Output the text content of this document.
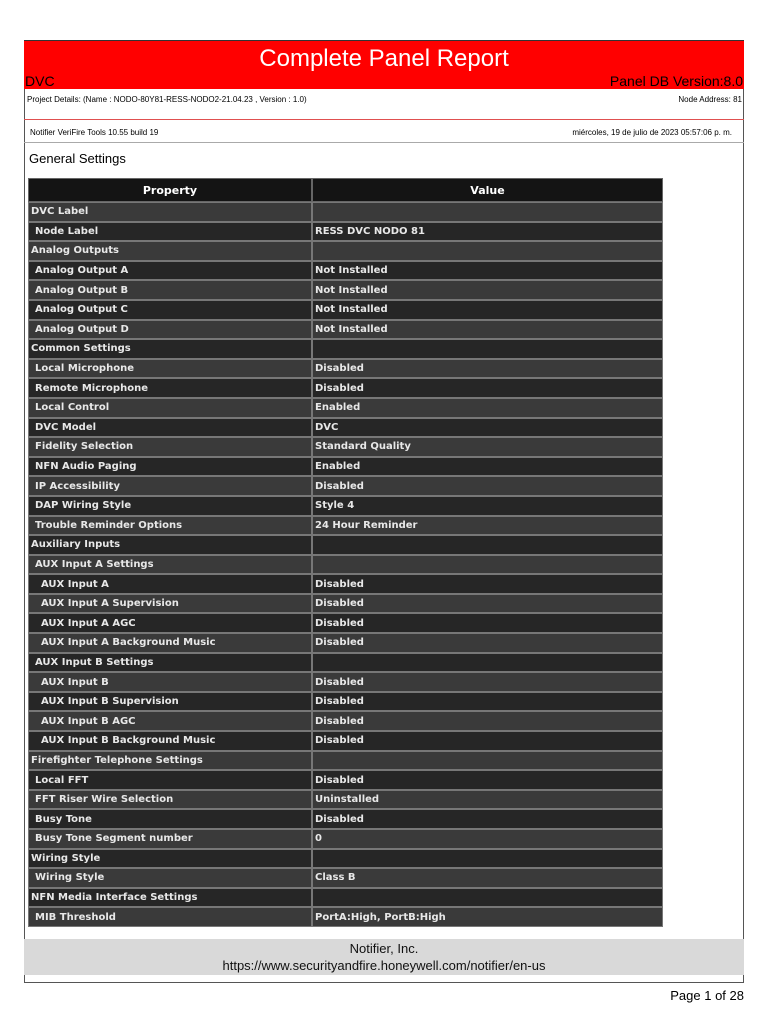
Complete Panel Report
DVC	Panel DB Version:8.0
Project Details: (Name : NODO-80Y81-RESS-NODO2-21.04.23 , Version : 1.0)	Node Address: 81
Notifier VeriFire Tools 10.55 build 19	miércoles, 19 de julio de 2023 05:57:06 p. m.
General Settings
Property	Value
DVC Label	
Node Label	RESS DVC NODO 81
Analog Outputs	
Analog Output A	Not Installed
Analog Output B	Not Installed
Analog Output C	Not Installed
Analog Output D	Not Installed
Common Settings	
Local Microphone	Disabled
Remote Microphone	Disabled
Local Control	Enabled
DVC Model	DVC
Fidelity Selection	Standard Quality
NFN Audio Paging	Enabled
IP Accessibility	Disabled
DAP Wiring Style	Style 4
Trouble Reminder Options	24 Hour Reminder
Auxiliary Inputs	
AUX Input A Settings	
AUX Input A	Disabled
AUX Input A Supervision	Disabled
AUX Input A AGC	Disabled
AUX Input A Background Music	Disabled
AUX Input B Settings	
AUX Input B	Disabled
AUX Input B Supervision	Disabled
AUX Input B AGC	Disabled
AUX Input B Background Music	Disabled
Firefighter Telephone Settings	
Local FFT	Disabled
FFT Riser Wire Selection	Uninstalled
Busy Tone	Disabled
Busy Tone Segment number	0
Wiring Style	
Wiring Style	Class B
NFN Media Interface Settings	
MIB Threshold	PortA:High, PortB:High
Notifier, Inc.
https://www.securityandfire.honeywell.com/notifier/en-us
Page 1 of 28
